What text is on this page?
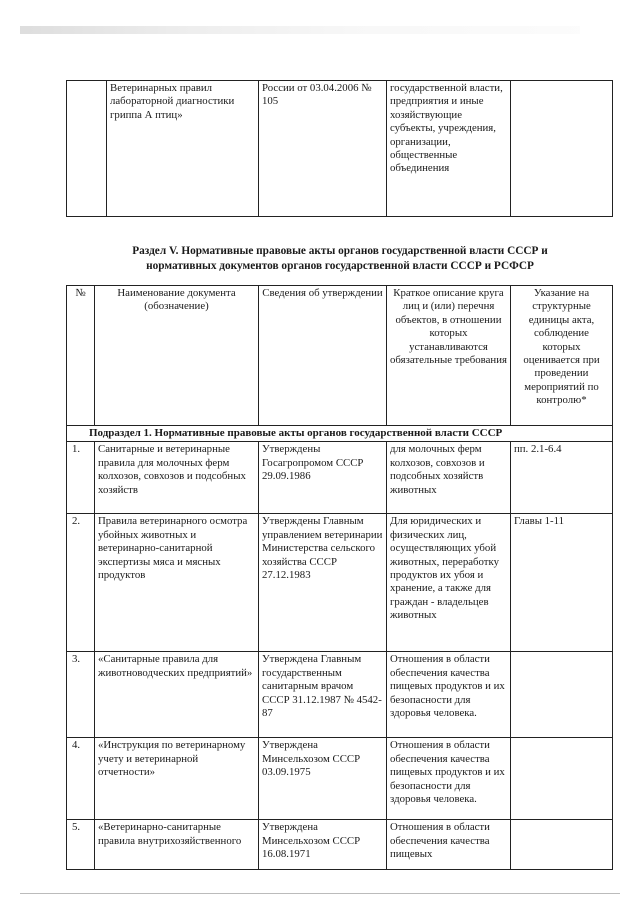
	Ветеринарных правил лабораторной диагностики гриппа А птиц»	России от 03.04.2006 № 105	государственной власти, предприятия и иные хозяйствующие субъекты, учреждения, организации, общественные объединения	
Раздел V. Нормативные правовые акты органов государственной власти СССР и
нормативных документов органов государственной власти СССР и РСФСР
№	Наименование документа (обозначение)	Сведения об утверждении	Краткое описание круга лиц и (или) перечня объектов, в отношении которых устанавливаются обязательные требования	Указание на структурные единицы акта, соблюдение которых оценивается при проведении мероприятий по контролю*
Подраздел 1. Нормативные правовые акты органов государственной власти СССР				
1.	Санитарные и ветеринарные правила для молочных ферм колхозов, совхозов и подсобных хозяйств	Утверждены Госагропромом СССР 29.09.1986	для молочных ферм колхозов, совхозов и подсобных хозяйств животных	пп. 2.1-6.4
2.	Правила ветеринарного осмотра убойных животных и ветеринарно-санитарной экспертизы мяса и мясных продуктов	Утверждены Главным управлением ветеринарии Министерства сельского хозяйства СССР 27.12.1983	Для юридических и физических лиц, осуществляющих убой животных, переработку продуктов их убоя и хранение, а также для граждан - владельцев животных	Главы 1-11
3.	«Санитарные правила для животноводческих предприятий»	Утверждена Главным государственным санитарным врачом СССР 31.12.1987 № 4542-87	Отношения в области обеспечения качества пищевых продуктов и их безопасности для здоровья человека.	
4.	«Инструкция по ветеринарному учету и ветеринарной отчетности»	Утверждена Минсельхозом СССР 03.09.1975	Отношения в области обеспечения качества пищевых продуктов и их безопасности для здоровья человека.	
5.	«Ветеринарно-санитарные правила внутрихозяйственного	Утверждена Минсельхозом СССР 16.08.1971	Отношения в области обеспечения качества пищевых	
